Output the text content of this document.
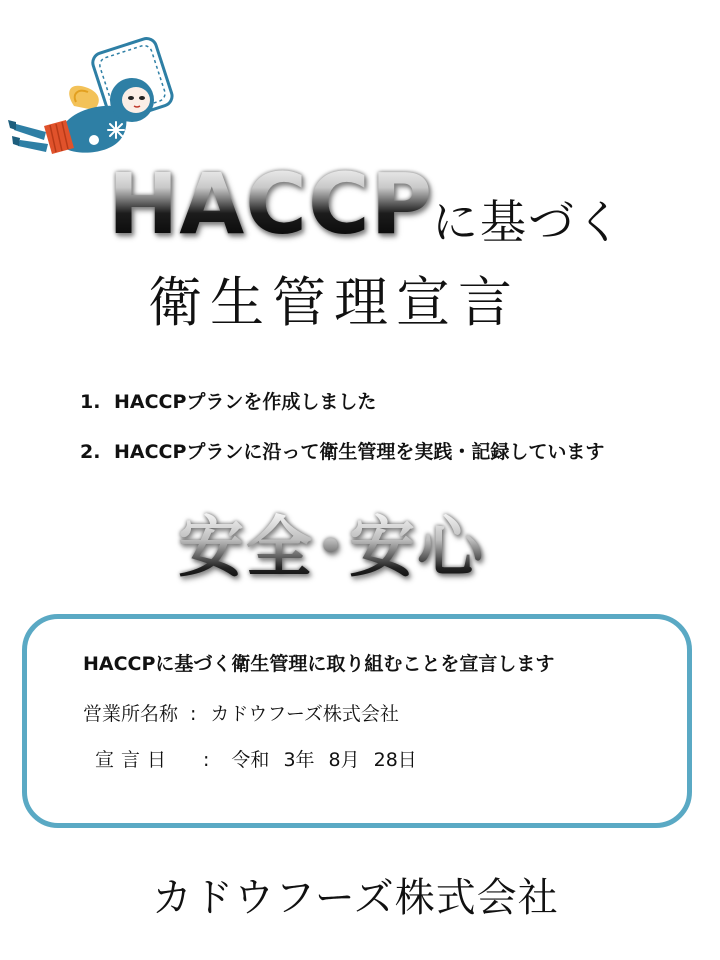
HACCP
に基づく
衛生管理宣言
1. HACCPプランを作成しました
2. HACCPプランに沿って衛生管理を実践・記録しています
安全･安心
HACCPに基づく衛生管理に取り組むことを宣言します
営業所名称 : カドウフーズ株式会社
宣言日 : 令和 3年 8月 28日
カドウフーズ株式会社
